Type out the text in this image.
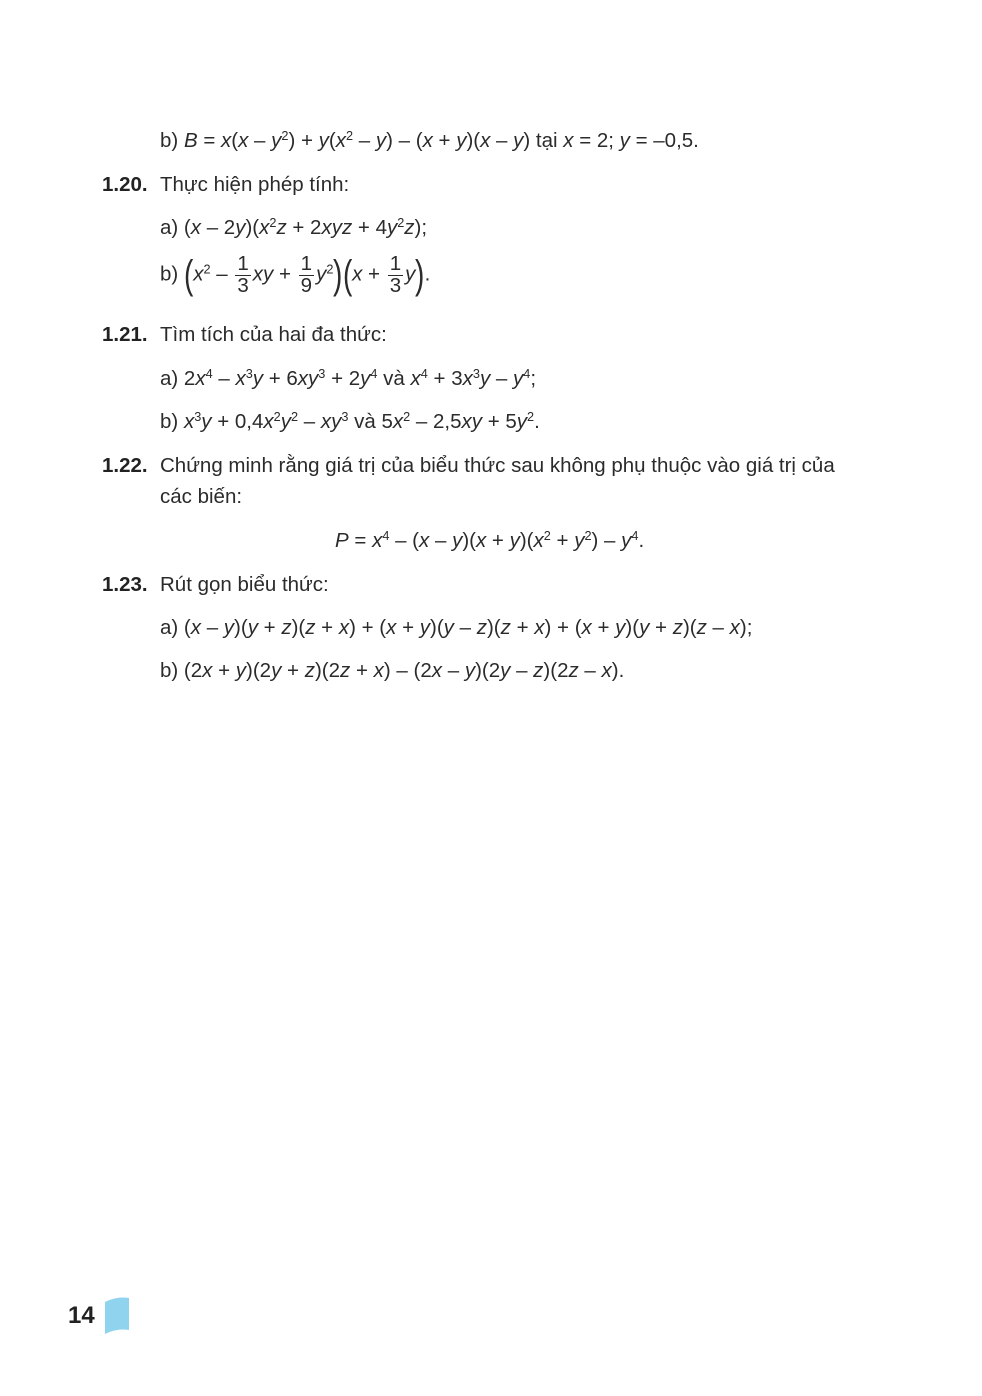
b) $B = x(x - y^2) + y(x^2 - y) - (x + y)(x - y)$ tại x = 2; y = –0,5.
1.20. Thực hiện phép tính:
a) $(x - 2y)(x^2z + 2xyz + 4y^2z)$;
b) ($x^2 - \frac{1}{3}$ xy + $\frac{1}{9} y^2)(x + \frac{1}{3} y)$.
1.21. Tìm tích của hai đa thức:
a) $2x^4 - x^3y + 6xy^3 + 2y^4$ và $x^4 + 3x^3y - y^4$;
b) $x^3y + 0,4x^2y^2 - xy^3$ và $5x^2 - 2,5xy + 5y^2$.
1.22. Chứng minh rằng giá trị của biểu thức sau không phụ thuộc vào giá trị của
các biến:
$P = x^4 - (x - y)(x + y)(x^2 + y^2) - y^4$.
1.23. Rút gọn biểu thức:
a) (x – y)(y + z)(z + x) + (x + y)(y – z)(z + x) + (x + y)(y + z)(z – x);
b) (2x + y)(2y + z)(2z + x) – (2x – y)(2y – z)(2z – x).
14
